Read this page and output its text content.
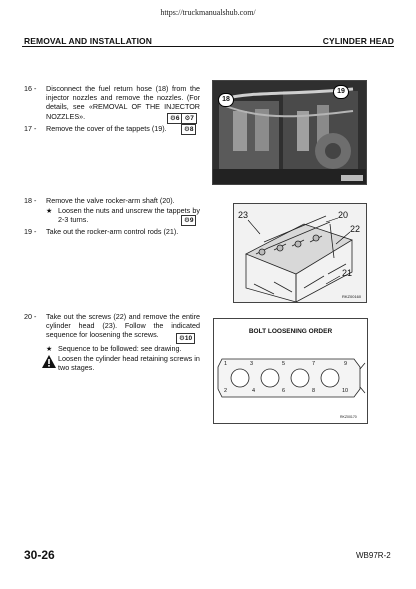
https://truckmanualshub.com/
REMOVAL AND INSTALLATION	CYLINDER HEAD
16 - Disconnect the fuel return hose (18) from the injector nozzles and remove the nozzles. (For details, see «REMOVAL OF THE INJECTOR NOZZLES».	⚙6 ⚙7
17 - Remove the cover of the tappets (19).	⚙8
18
19
18 - Remove the valve rocker-arm shaft (20).
★ Loosen the nuts and unscrew the tappets by 2-3 turns.	⚙9
19 - Take out the rocker-arm control rods (21).
23	20
22
21
RKZ00160
20 - Take out the screws (22) and remove the entire cylinder head (23). Follow the indicated sequence for loosening the screws.	⚙10
★ Sequence to be followed: see drawing.
Loosen the cylinder head retaining screws in two stages.
BOLT LOOSENING ORDER
1	3	5	7	9
2	4	6	8	10
RKZ00170
30-26	WB97R-2
